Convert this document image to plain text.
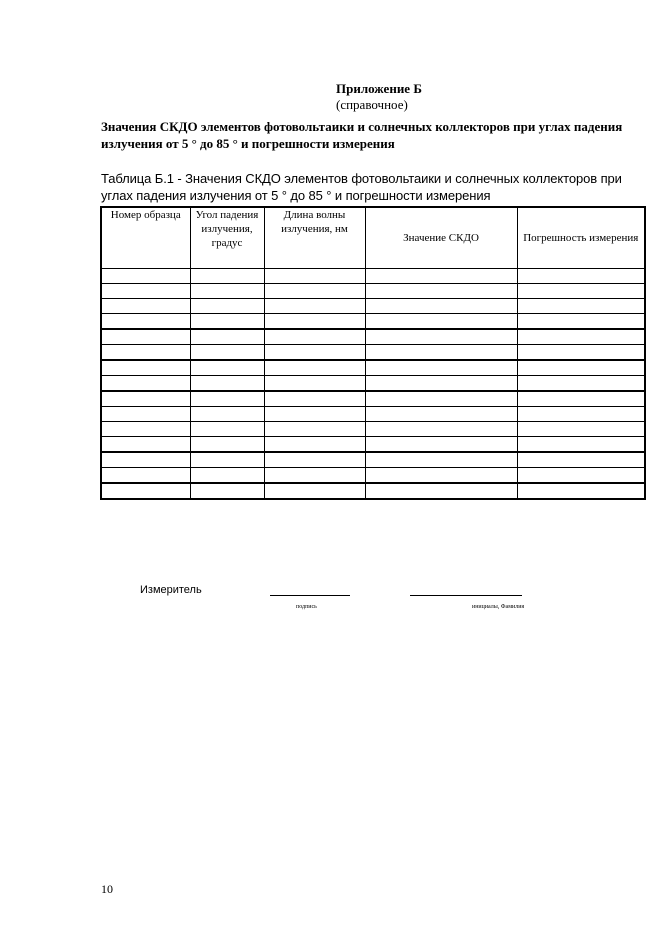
Приложение Б
(справочное)
Значения СКДО элементов фотовольтаики и солнечных коллекторов при углах падения излучения от 5 ° до 85 ° и погрешности измерения
Таблица Б.1 - Значения СКДО элементов фотовольтаики и солнечных коллекторов при углах падения излучения от 5 ° до 85 ° и погрешности измерения
Номер образца	Угол падения излучения, градус	Длина волны излучения, нм	Значение СКДО	Погрешность измерения

Измеритель
подпись	инициалы, Фамилия
10
